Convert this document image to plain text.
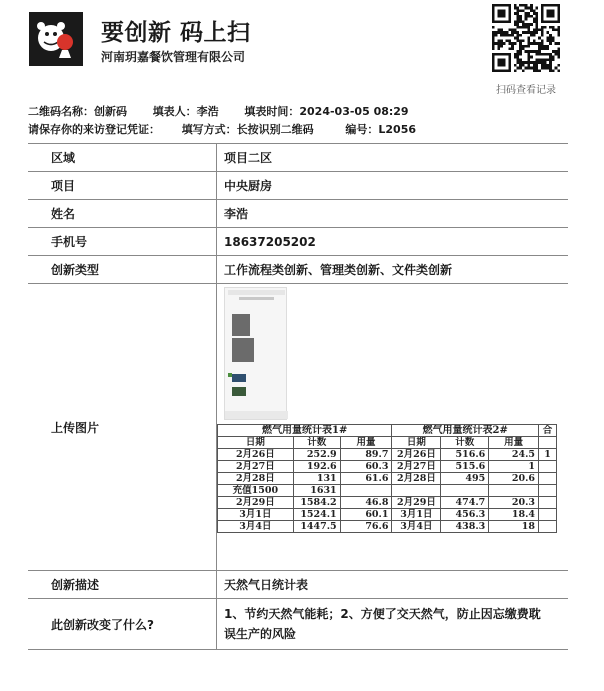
要创新 码上扫
河南玥嘉餐饮管理有限公司
扫码查看记录
二维码名称：创新码 填表人：李浩 填表时间：2024-03-05 08:29
请保存你的来访登记凭证： 填写方式：长按识别二维码	编号：L2056
区域	项目二区
项目	中央厨房
姓名	李浩
手机号	18637205202
创新类型	工作流程类创新、管理类创新、文件类创新
上传图片	燃气用量统计表1#			燃气用量统计表2#			合
日期	计数	用量	日期	计数	用量	
2月26日	252.9	89.7	2月26日	516.6	24.5	1
2月27日	192.6	60.3	2月27日	515.6	1	
2月28日	131	61.6	2月28日	495	20.6	
充值1500	1631					
2月29日	1584.2	46.8	2月29日	474.7	20.3	
3月1日	1524.1	60.1	3月1日	456.3	18.4	
3月4日	1447.5	76.6	3月4日	438.3	18	
创新描述	天然气日统计表
此创新改变了什么?
1、节约天然气能耗；2、方便了交天然气，防止因忘缴费耽误生产的风险
